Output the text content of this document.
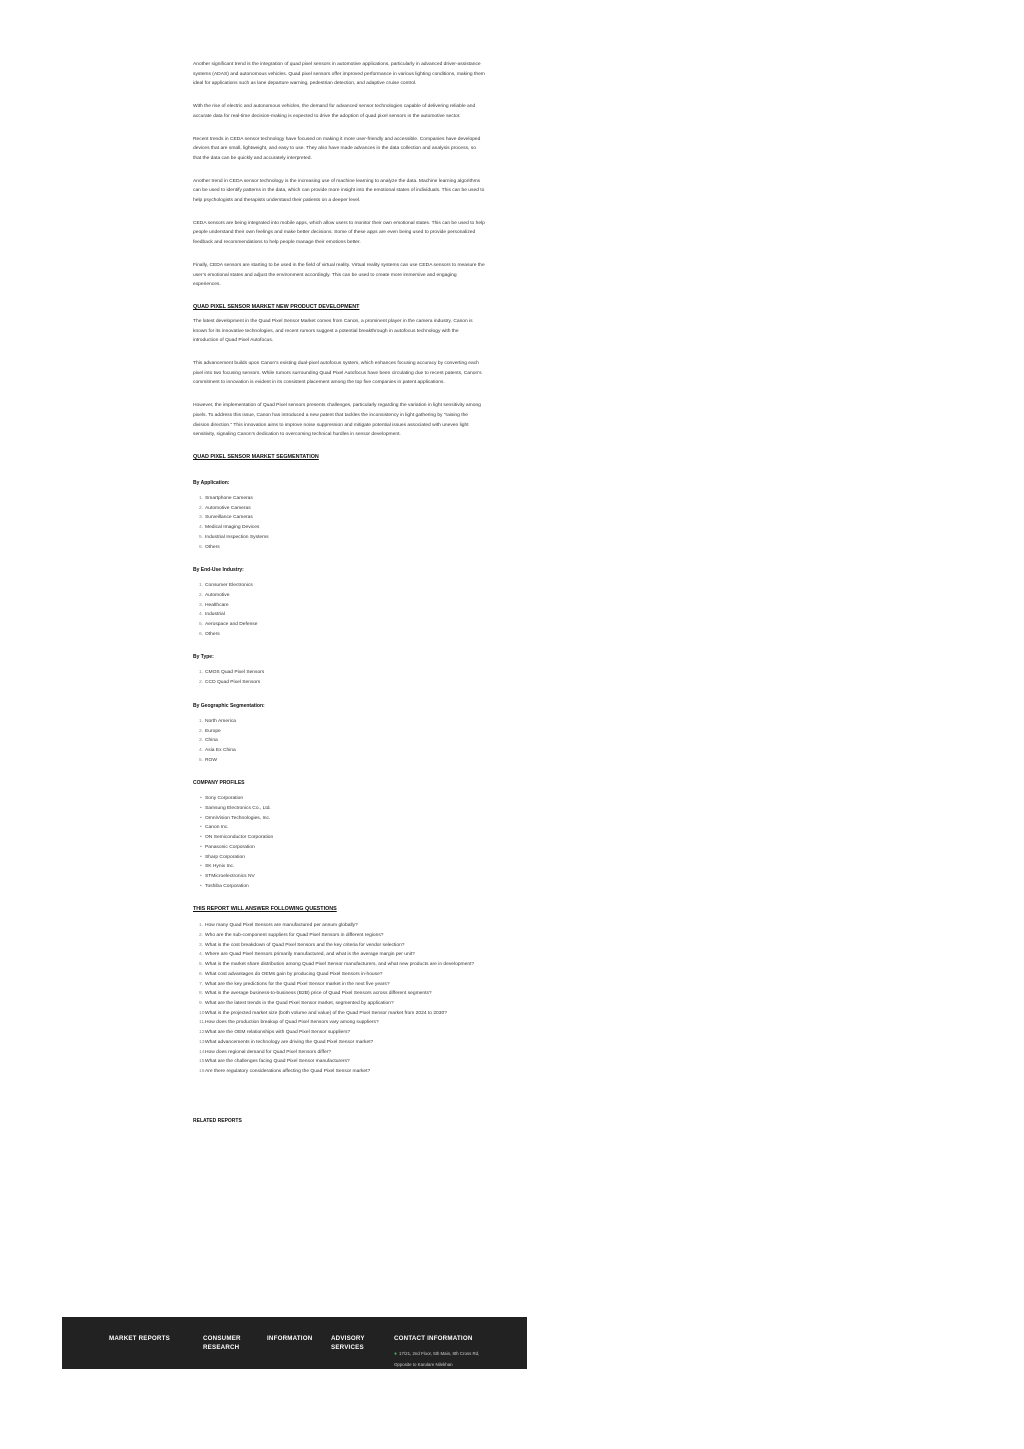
Another significant trend is the integration of quad pixel sensors in automotive applications, particularly in advanced driver-assistance systems (ADAS) and autonomous vehicles. Quad pixel sensors offer improved performance in various lighting conditions, making them ideal for applications such as lane departure warning, pedestrian detection, and adaptive cruise control.

With the rise of electric and autonomous vehicles, the demand for advanced sensor technologies capable of delivering reliable and accurate data for real-time decision-making is expected to drive the adoption of quad pixel sensors in the automotive sector.

Recent trends in CEDA sensor technology have focused on making it more user-friendly and accessible. Companies have developed devices that are small, lightweight, and easy to use. They also have made advances in the data collection and analysis process, so that the data can be quickly and accurately interpreted.

Another trend in CEDA sensor technology is the increasing use of machine learning to analyze the data. Machine learning algorithms can be used to identify patterns in the data, which can provide more insight into the emotional states of individuals. This can be used to help psychologists and therapists understand their patients on a deeper level.

CEDA sensors are being integrated into mobile apps, which allow users to monitor their own emotional states. This can be used to help people understand their own feelings and make better decisions. Some of these apps are even being used to provide personalized feedback and recommendations to help people manage their emotions better.

Finally, CEDA sensors are starting to be used in the field of virtual reality. Virtual reality systems can use CEDA sensors to measure the user’s emotional states and adjust the environment accordingly. This can be used to create more immersive and engaging experiences.

QUAD PIXEL SENSOR MARKET NEW PRODUCT DEVELOPMENT

The latest development in the Quad Pixel Sensor Market comes from Canon, a prominent player in the camera industry. Canon is known for its innovative technologies, and recent rumors suggest a potential breakthrough in autofocus technology with the introduction of Quad Pixel Autofocus.

This advancement builds upon Canon’s existing dual-pixel autofocus system, which enhances focusing accuracy by converting each pixel into two focusing sensors. While rumors surrounding Quad Pixel Autofocus have been circulating due to recent patents, Canon’s commitment to innovation is evident in its consistent placement among the top five companies in patent applications.

However, the implementation of Quad Pixel sensors presents challenges, particularly regarding the variation in light sensitivity among pixels. To address this issue, Canon has introduced a new patent that tackles the inconsistency in light gathering by “raising the division direction.” This innovation aims to improve noise suppression and mitigate potential issues associated with uneven light sensitivity, signaling Canon’s dedication to overcoming technical hurdles in sensor development.

QUAD PIXEL SENSOR MARKET SEGMENTATION
By Application:
1. Smartphone Cameras
2. Automotive Cameras
3. Surveillance Cameras
4. Medical Imaging Devices
5. Industrial Inspection Systems
6. Others
By End-Use Industry:
1. Consumer Electronics
2. Automotive
3. Healthcare
4. Industrial
5. Aerospace and Defense
6. Others
By Type:
1. CMOS Quad Pixel Sensors
2. CCD Quad Pixel Sensors
By Geographic Segmentation:
1. North America
2. Europe
3. China
4. Asia Ex China
5. ROW
COMPANY PROFILES
• Sony Corporation
• Samsung Electronics Co., Ltd.
• OmniVision Technologies, Inc.
• Canon Inc.
• ON Semiconductor Corporation
• Panasonic Corporation
• Sharp Corporation
• SK Hynix Inc.
• STMicroelectronics NV
• Toshiba Corporation
THIS REPORT WILL ANSWER FOLLOWING QUESTIONS
1. How many Quad Pixel Sensors are manufactured per annum globally?
2. Who are the sub-component suppliers for Quad Pixel Sensors in different regions?
3. What is the cost breakdown of Quad Pixel Sensors and the key criteria for vendor selection?
4. Where are Quad Pixel Sensors primarily manufactured, and what is the average margin per unit?
5. What is the market share distribution among Quad Pixel Sensor manufacturers, and what new products are in development?
6. What cost advantages do OEMs gain by producing Quad Pixel Sensors in-house?
7. What are the key predictions for the Quad Pixel Sensor market in the next five years?
8. What is the average business-to-business (B2B) price of Quad Pixel Sensors across different segments?
9. What are the latest trends in the Quad Pixel Sensor market, segmented by application?
10. What is the projected market size (both volume and value) of the Quad Pixel Sensor market from 2024 to 2030?
11. How does the production breakup of Quad Pixel Sensors vary among suppliers?
12. What are the OEM relationships with Quad Pixel Sensor suppliers?
13. What advancements in technology are driving the Quad Pixel Sensor market?
14. How does regional demand for Quad Pixel Sensors differ?
15. What are the challenges facing Quad Pixel Sensor manufacturers?
16. Are there regulatory considerations affecting the Quad Pixel Sensor market?
RELATED REPORTS
MARKET REPORTS	CONSUMER RESEARCH
INFORMATION	ADVISORY SERVICES
CONTACT INFORMATION
● 17/21, 2nd Floor, 5th Main, 8th Cross Rd, Opposite to Karulare Nilekhan
